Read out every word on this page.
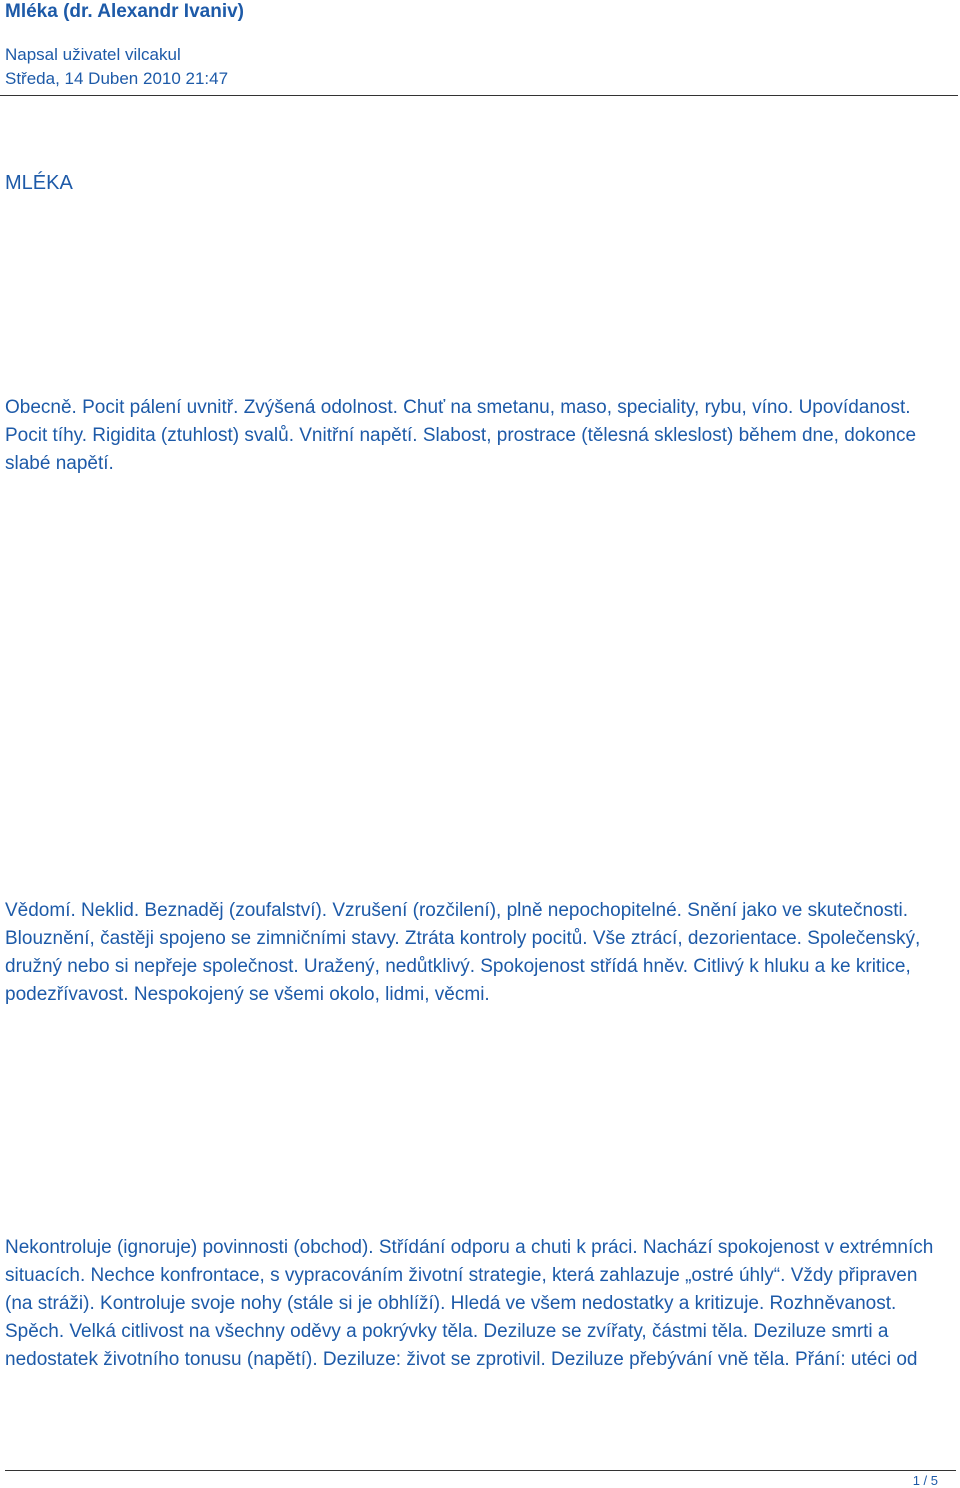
Mléka (dr. Alexandr Ivaniv)
Napsal uživatel vilcakul
Středa, 14 Duben 2010 21:47
MLÉKA

Obecně. Pocit pálení uvnitř. Zvýšená odolnost. Chuť na smetanu, maso, speciality, rybu, víno. Upovídanost. Pocit tíhy. Rigidita (ztuhlost) svalů. Vnitřní napětí. Slabost, prostrace (tělesná skleslost) během dne, dokonce slabé napětí.

Vědomí. Neklid. Beznaděj (zoufalství). Vzrušení (rozčilení), plně nepochopitelné. Snění jako ve skutečnosti. Blouznění, častěji spojeno se zimničními stavy. Ztráta kontroly pocitů. Vše ztrácí, dezorientace. Společenský, družný nebo si nepřeje společnost. Uražený, nedůtklivý. Spokojenost střídá hněv. Citlivý k hluku a ke kritice, podezřívavost. Nespokojený se všemi okolo, lidmi, věcmi.

Nekontroluje (ignoruje) povinnosti (obchod). Střídání odporu a chuti k práci. Nachází spokojenost v extrémních situacích. Nechce konfrontace, s vypracováním životní strategie, která zahlazuje „ostré úhly“. Vždy připraven (na stráži). Kontroluje svoje nohy (stále si je obhlíží). Hledá ve všem nedostatky a kritizuje. Rozhněvanost. Spěch. Velká citlivost na všechny oděvy a pokrývky těla. Deziluze se zvířaty, částmi těla. Deziluze smrti a nedostatek životního tonusu (napětí). Deziluze: život se zprotivil. Deziluze přebývání vně těla. Přání: utéci od

1 / 5
